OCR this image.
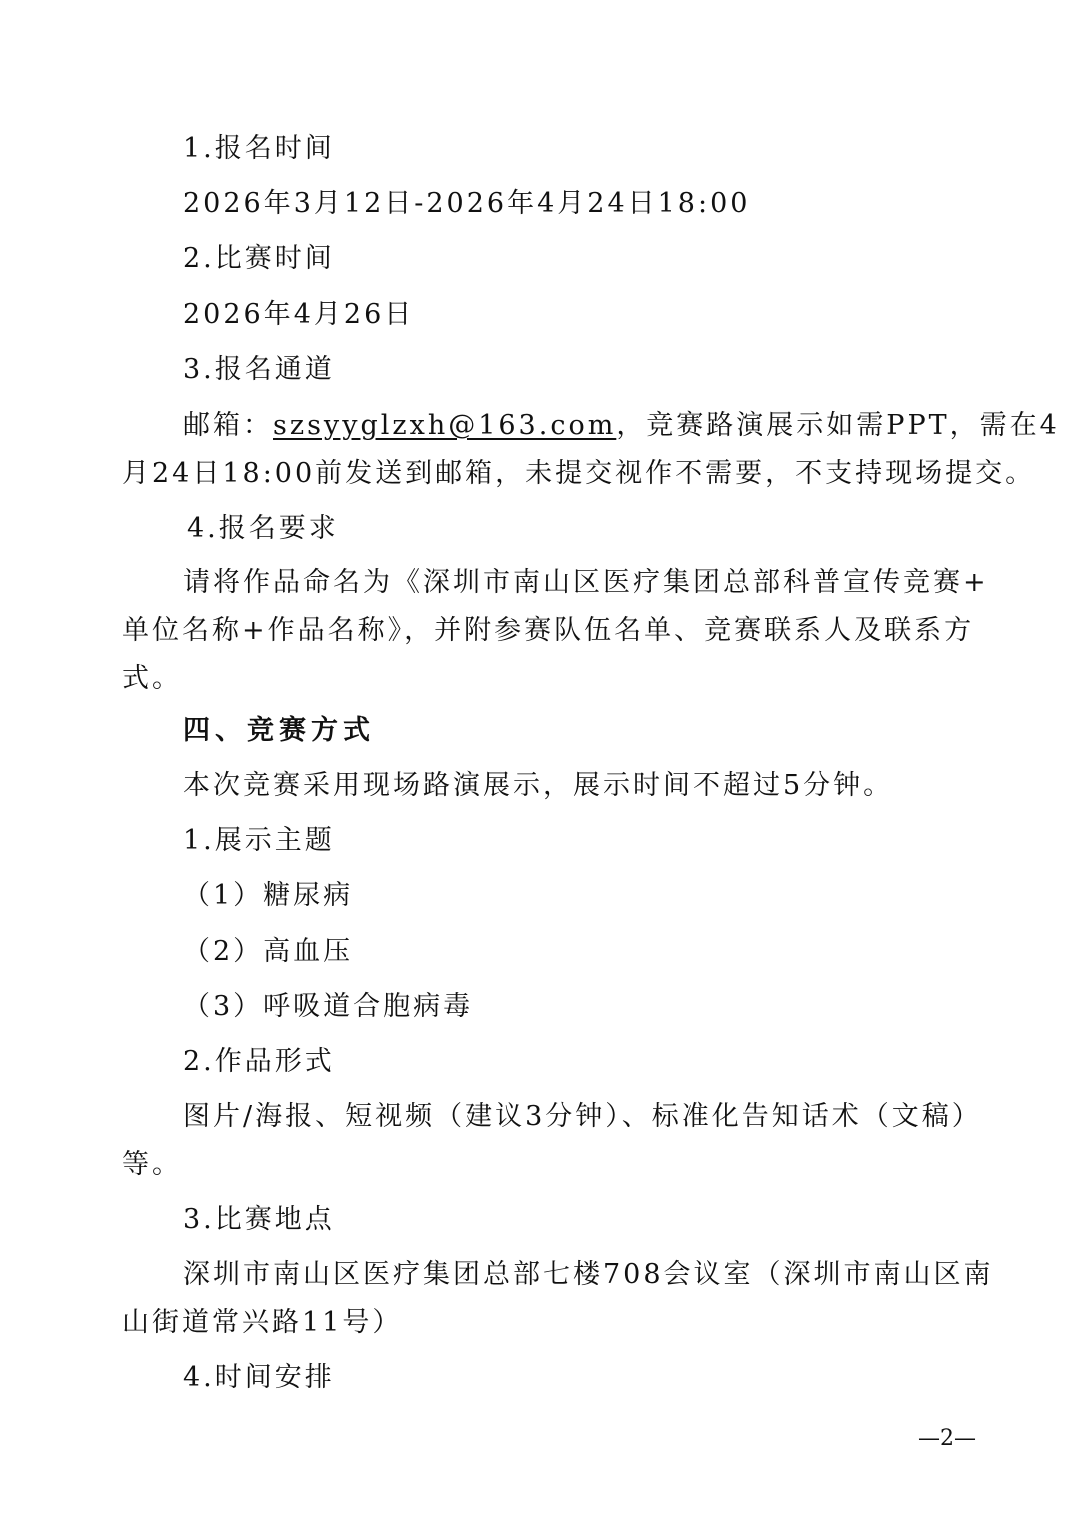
1.报名时间
2026年3月12日-2026年4月24日18:00
2.比赛时间
2026年4月26日
3.报名通道
邮箱：szsyyglzxh@163.com，竞赛路演展示如需PPT，需在4
月24日18:00前发送到邮箱，未提交视作不需要，不支持现场提交。
4.报名要求
请将作品命名为《深圳市南山区医疗集团总部科普宣传竞赛+
单位名称+作品名称》，并附参赛队伍名单、竞赛联系人及联系方
式。
四、竞赛方式
本次竞赛采用现场路演展示，展示时间不超过5分钟。
1.展示主题
（1）糖尿病
（2）高血压
（3）呼吸道合胞病毒
2.作品形式
图片/海报、短视频（建议3分钟）、标准化告知话术（文稿）
等。
3.比赛地点
深圳市南山区医疗集团总部七楼708会议室（深圳市南山区南
山街道常兴路11号）
4.时间安排
—2—
